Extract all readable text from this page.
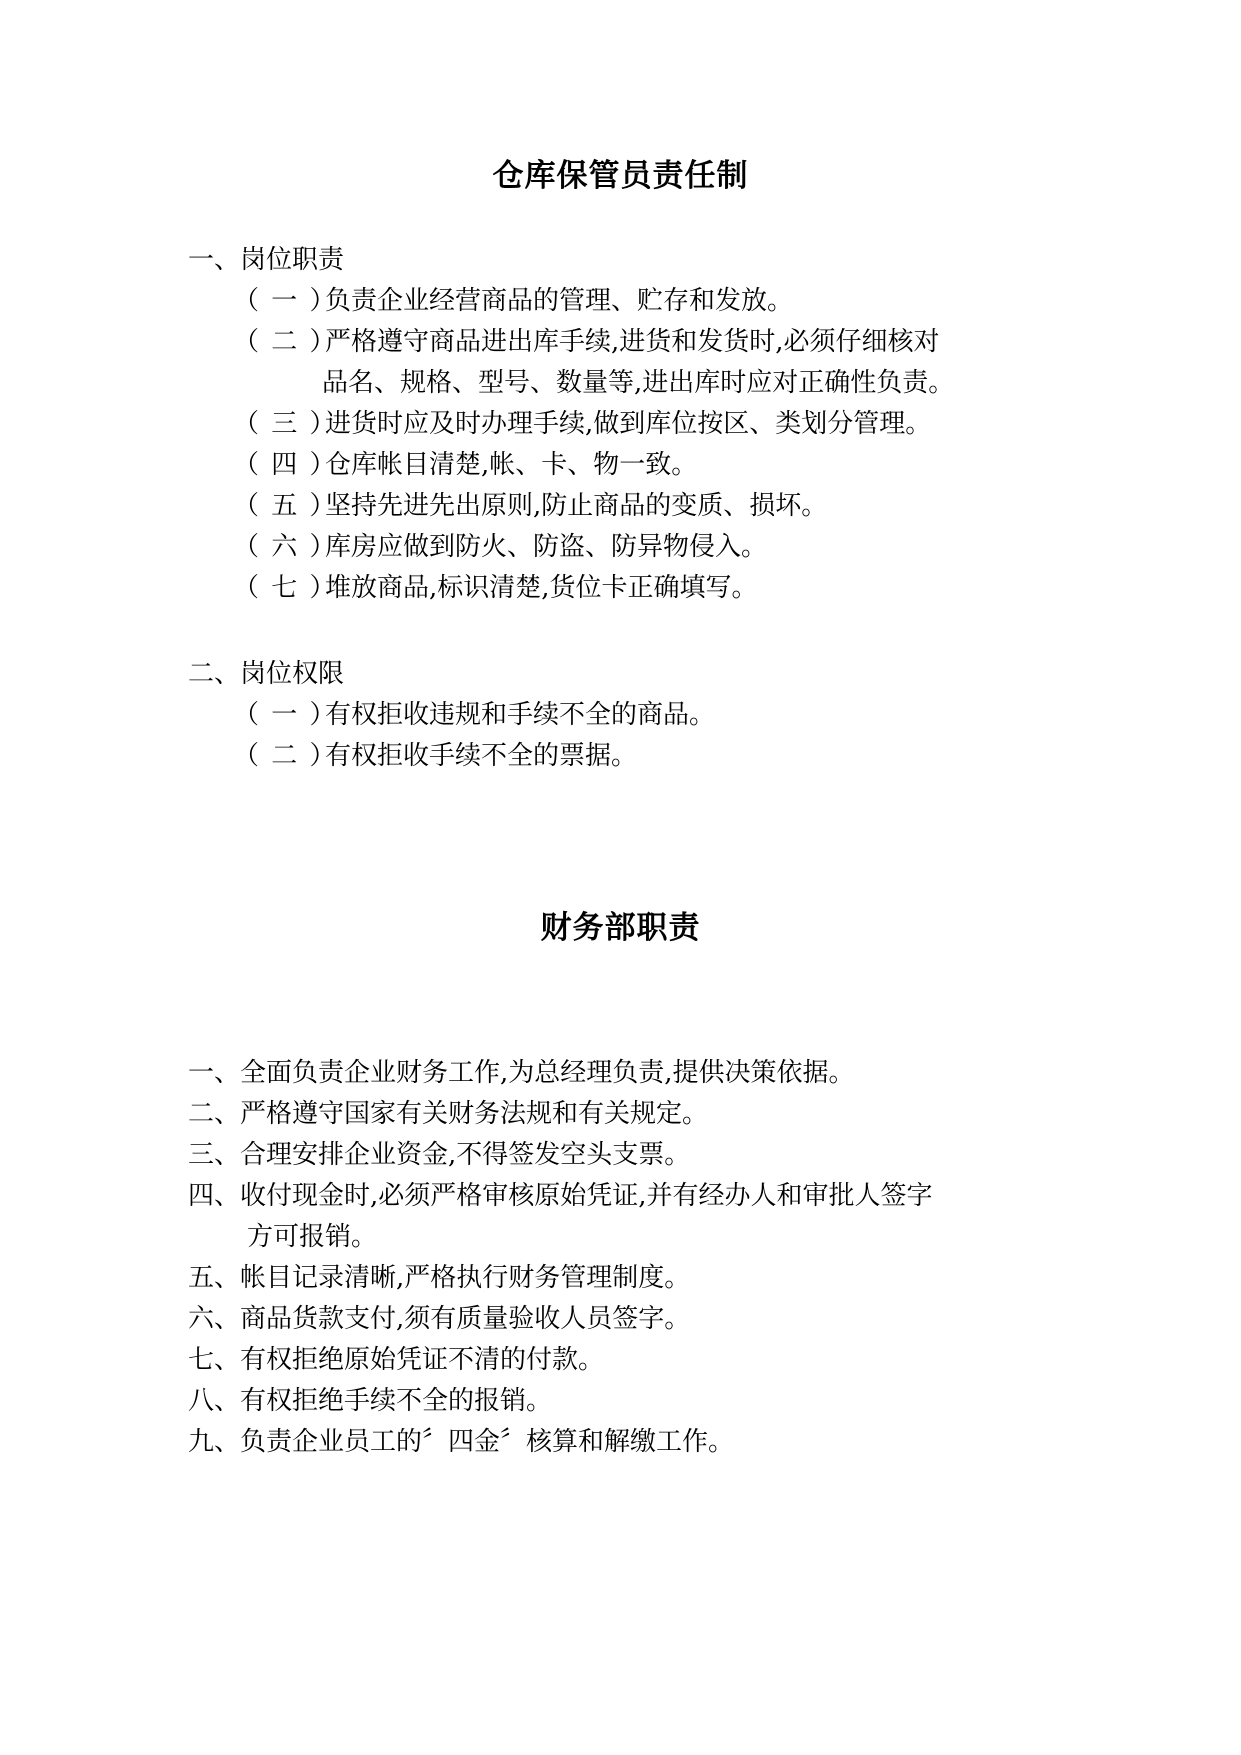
仓库保管员责任制
一、岗位职责
（ 一 ）负责企业经营商品的管理、贮存和发放。
（ 二 ）严格遵守商品进出库手续,进货和发货时,必须仔细核对
品名、规格、型号、数量等,进出库时应对正确性负责。
（ 三 ）进货时应及时办理手续,做到库位按区、类划分管理。
（ 四 ）仓库帐目清楚,帐、卡、物一致。
（ 五 ）坚持先进先出原则,防止商品的变质、损坏。
（ 六 ）库房应做到防火、防盗、防异物侵入。
（ 七 ）堆放商品,标识清楚,货位卡正确填写。
二、岗位权限
（ 一 ）有权拒收违规和手续不全的商品。
（ 二 ）有权拒收手续不全的票据。
财务部职责
一、全面负责企业财务工作,为总经理负责,提供决策依据。
二、严格遵守国家有关财务法规和有关规定。
三、合理安排企业资金,不得签发空头支票。
四、收付现金时,必须严格审核原始凭证,并有经办人和审批人签字
方可报销。
五、帐目记录清晰,严格执行财务管理制度。
六、商品货款支付,须有质量验收人员签字。
七、有权拒绝原始凭证不清的付款。
八、有权拒绝手续不全的报销。
九、负责企业员工的〞四金〞核算和解缴工作。
